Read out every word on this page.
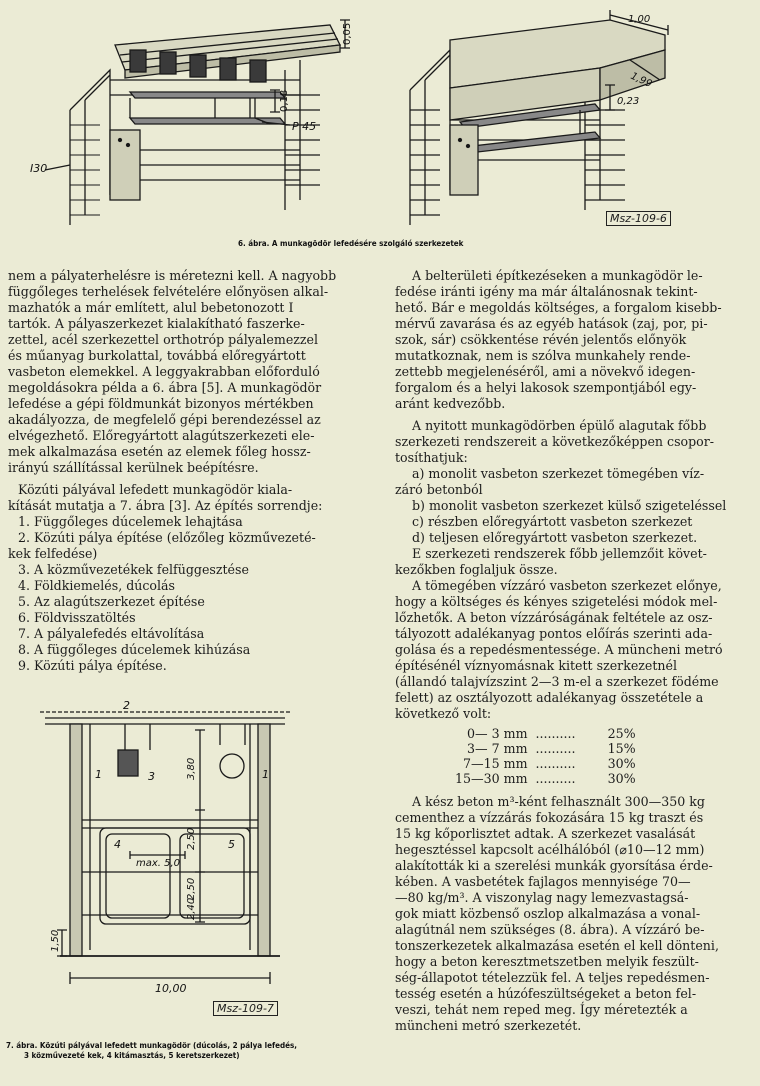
0,05
0,18
P 45
I30
1,00
1,99
0,23
Msz-109-6
6. ábra. A munkagödör lefedésére szolgáló szerkezetek

nem a pályaterhelésre is méretezni kell. A nagyobb
függőleges terhelések felvételére előnyösen alkal-
mazhatók a már említett, alul bebetonozott I
tartók. A pályaszerkezet kialakítható faszerke-
zettel, acél szerkezettel orthotróp pályalemezzel
és műanyag burkolattal, továbbá előregyártott
vasbeton elemekkel. A leggyakrabban előforduló
megoldásokra példa a 6. ábra [5]. A munkagödör
lefedése a gépi földmunkát bizonyos mértékben
akadályozza, de megfelelő gépi berendezéssel az
elvégezhető. Előregyártott alagútszerkezeti ele-
mek alkalmazása esetén az elemek főleg hossz-
irányú szállítással kerülnek beépítésre.

Közúti pályával lefedett munkagödör kiala-
kítását mutatja a 7. ábra [3]. Az építés sorrendje:

1. Függőleges dúcelemek lehajtása
2. Közúti pálya építése (előzőleg közművezeté-
kek felfedése)
3. A közművezetékek felfüggesztése
4. Földkiemelés, dúcolás
5. Az alagútszerkezet építése
6. Földvisszatöltés
7. A pályalefedés eltávolítása
8. A függőleges dúcelemek kihúzása
9. Közúti pálya építése.
2
1	1
3
4	5
3,80
2,50
2,50
2,40
1,50
max. 5,0
10,00
Msz-109-7
7. ábra. Közúti pályával lefedett munkagödör (dúcolás, 2 pálya lefedés,
3 közművezeté kek, 4 kitámasztás, 5 keretszerkezet)

A belterületi építkezéseken a munkagödör le-
fedése iránti igény ma már általánosnak tekint-
hető. Bár e megoldás költséges, a forgalom kisebb-
mérvű zavarása és az egyéb hatások (zaj, por, pi-
szok, sár) csökkentése révén jelentős előnyök
mutatkoznak, nem is szólva munkahely rende-
zettebb megjelenéséről, ami a növekvő idegen-
forgalom és a helyi lakosok szempontjából egy-
aránt kedvezőbb.

A nyitott munkagödörben épülő alagutak főbb
szerkezeti rendszereit a következőképpen csopor-
tosíthatjuk:

a) monolit vasbeton szerkezet tömegében víz-
záró betonból
b) monolit vasbeton szerkezet külső szigeteléssel
c) részben előregyártott vasbeton szerkezet
d) teljesen előregyártott vasbeton szerkezet.

E szerkezeti rendszerek főbb jellemzőit követ-
kezőkben foglaljuk össze.

A tömegében vízzáró vasbeton szerkezet előnye,
hogy a költséges és kényes szigetelési módok mel-
lőzhetők. A beton vízzáróságának feltétele az osz-
tályozott adalékanyag pontos előírás szerinti ada-
golása és a repedésmentessége. A müncheni metró
építésénél víznyomásnak kitett szerkezetnél
(állandó talajvízszint 2—3 m-el a szerkezet födéme
felett) az osztályozott adalékanyag összetétele a
következő volt:

0— 3 mm	..........	25%
3— 7 mm	..........	15%
7—15 mm	..........	30%
15—30 mm	..........	30%

A kész beton m³-ként felhasznált 300—350 kg
cementhez a vízzárás fokozására 15 kg traszt és
15 kg kőporlisztet adtak. A szerkezet vasalását
hegesztéssel kapcsolt acélhálóból (⌀10—12 mm)
alakították ki a szerelési munkák gyorsítása érde-
kében. A vasbetétek fajlagos mennyisége 70—
—80 kg/m³. A viszonylag nagy lemezvastagsá-
gok miatt közbenső oszlop alkalmazása a vonal-
alagútnál nem szükséges (8. ábra). A vízzáró be-
tonszerkezetek alkalmazása esetén el kell dönteni,
hogy a beton keresztmetszetben melyik feszült-
ség-állapotot tételezzük fel. A teljes repedésmen-
tesség esetén a húzófeszültségeket a beton fel-
veszi, tehát nem reped meg. Így méretezték a
müncheni metró szerkezetét.
